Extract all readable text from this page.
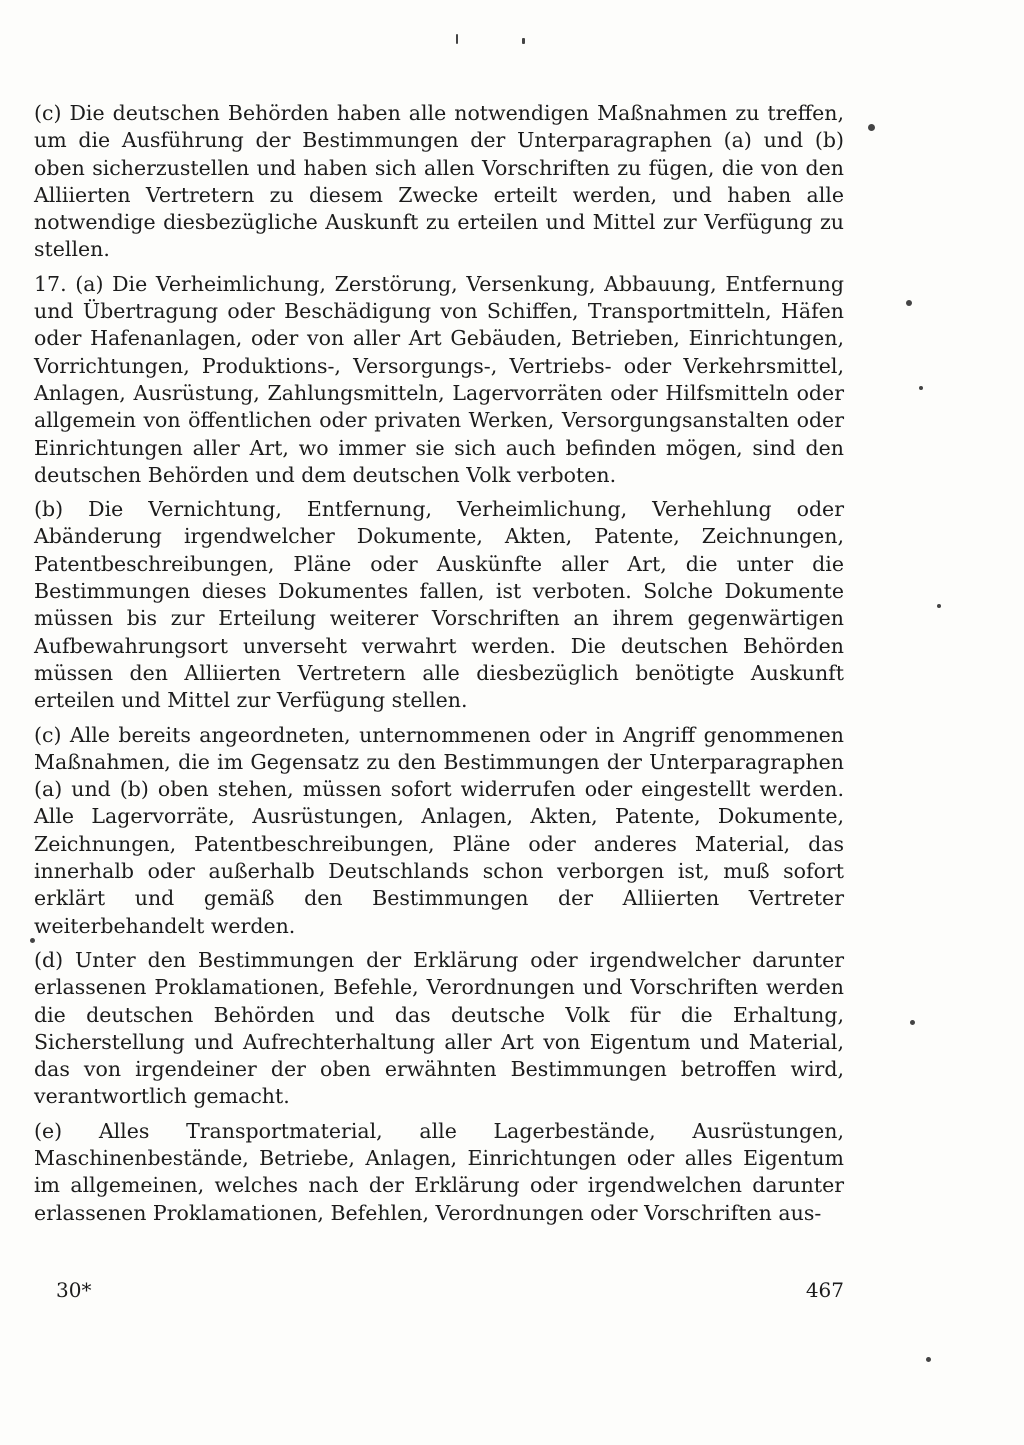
(c) Die deutschen Behörden haben alle notwendigen Maßnahmen zu treffen, um die Ausführung der Bestimmungen der Unterparagraphen (a) und (b) oben sicherzustellen und haben sich allen Vorschriften zu fügen, die von den Alliierten Vertretern zu diesem Zwecke erteilt werden, und haben alle notwendige diesbezügliche Auskunft zu erteilen und Mittel zur Verfügung zu stellen.

17. (a) Die Verheimlichung, Zerstörung, Versenkung, Abbauung, Entfernung und Übertragung oder Beschädigung von Schiffen, Transportmitteln, Häfen oder Hafenanlagen, oder von aller Art Gebäuden, Betrieben, Einrichtungen, Vorrichtungen, Produktions-, Versorgungs-, Vertriebs- oder Verkehrsmittel, Anlagen, Ausrüstung, Zahlungsmitteln, Lagervorräten oder Hilfsmitteln oder allgemein von öffentlichen oder privaten Werken, Versorgungsanstalten oder Einrichtungen aller Art, wo immer sie sich auch befinden mögen, sind den deutschen Behörden und dem deutschen Volk verboten.

(b) Die Vernichtung, Entfernung, Verheimlichung, Verhehlung oder Abänderung irgendwelcher Dokumente, Akten, Patente, Zeichnungen, Patentbeschreibungen, Pläne oder Auskünfte aller Art, die unter die Bestimmungen dieses Dokumentes fallen, ist verboten. Solche Dokumente müssen bis zur Erteilung weiterer Vorschriften an ihrem gegenwärtigen Aufbewahrungsort unverseht verwahrt werden. Die deutschen Behörden müssen den Alliierten Vertretern alle diesbezüglich benötigte Auskunft erteilen und Mittel zur Verfügung stellen.

(c) Alle bereits angeordneten, unternommenen oder in Angriff genommenen Maßnahmen, die im Gegensatz zu den Bestimmungen der Unterparagraphen (a) und (b) oben stehen, müssen sofort widerrufen oder eingestellt werden. Alle Lagervorräte, Ausrüstungen, Anlagen, Akten, Patente, Dokumente, Zeichnungen, Patentbeschreibungen, Pläne oder anderes Material, das innerhalb oder außerhalb Deutschlands schon verborgen ist, muß sofort erklärt und gemäß den Bestimmungen der Alliierten Vertreter weiterbehandelt werden.

(d) Unter den Bestimmungen der Erklärung oder irgendwelcher darunter erlassenen Proklamationen, Befehle, Verordnungen und Vorschriften werden die deutschen Behörden und das deutsche Volk für die Erhaltung, Sicherstellung und Aufrechterhaltung aller Art von Eigentum und Material, das von irgendeiner der oben erwähnten Bestimmungen betroffen wird, verantwortlich gemacht.

(e) Alles Transportmaterial, alle Lagerbestände, Ausrüstungen, Maschinenbestände, Betriebe, Anlagen, Einrichtungen oder alles Eigentum im allgemeinen, welches nach der Erklärung oder irgendwelchen darunter erlassenen Proklamationen, Befehlen, Verordnungen oder Vorschriften aus-

30*	467
